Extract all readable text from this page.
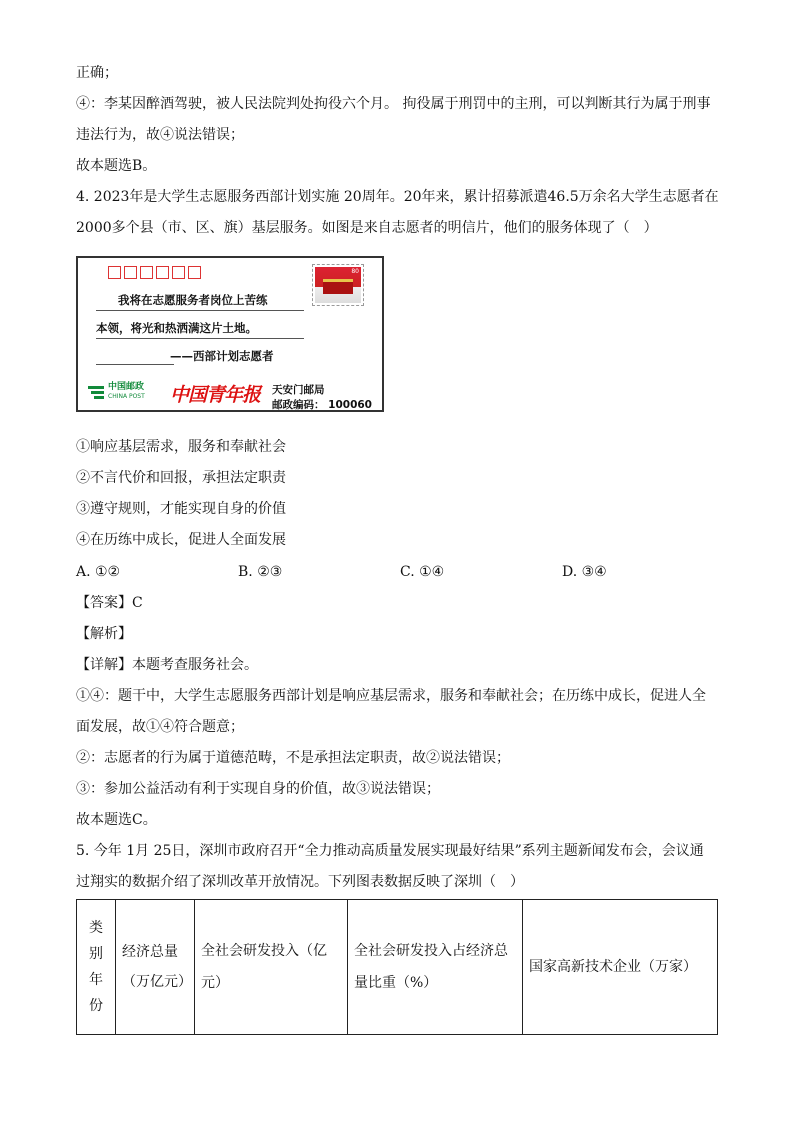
正确；
④：李某因醉酒驾驶，被人民法院判处拘役六个月。 拘役属于刑罚中的主刑，可以判断其行为属于刑事
违法行为，故④说法错误；
故本题选B。
4. 2023年是大学生志愿服务西部计划实施 20周年。20年来，累计招募派遣46.5万余名大学生志愿者在
2000多个县（市、区、旗）基层服务。如图是来自志愿者的明信片，他们的服务体现了（　）
80
我将在志愿服务者岗位上苦练
本领，将光和热洒满这片土地。
——西部计划志愿者
中国邮政
CHINA POST 中国青年报 天安门邮局
邮政编码： 100060
①响应基层需求，服务和奉献社会
②不言代价和回报，承担法定职责
③遵守规则，才能实现自身的价值
④在历练中成长，促进人全面发展
A. ①②	B. ②③	C. ①④	D. ③④
【答案】C
【解析】
【详解】本题考查服务社会。
①④：题干中，大学生志愿服务西部计划是响应基层需求，服务和奉献社会；在历练中成长，促进人全
面发展，故①④符合题意；
②：志愿者的行为属于道德范畴，不是承担法定职责，故②说法错误；
③：参加公益活动有利于实现自身的价值，故③说法错误；
故本题选C。
5. 今年 1月 25日，深圳市政府召开“全力推动高质量发展实现最好结果”系列主题新闻发布会，会议通
过翔实的数据介绍了深圳改革开放情况。下列图表数据反映了深圳（　）
类
别
年
份
	经济总量（万亿元）	全社会研发投入（亿元）	全社会研发投入占经济总量比重（%）	国家高新技术企业（万家）
